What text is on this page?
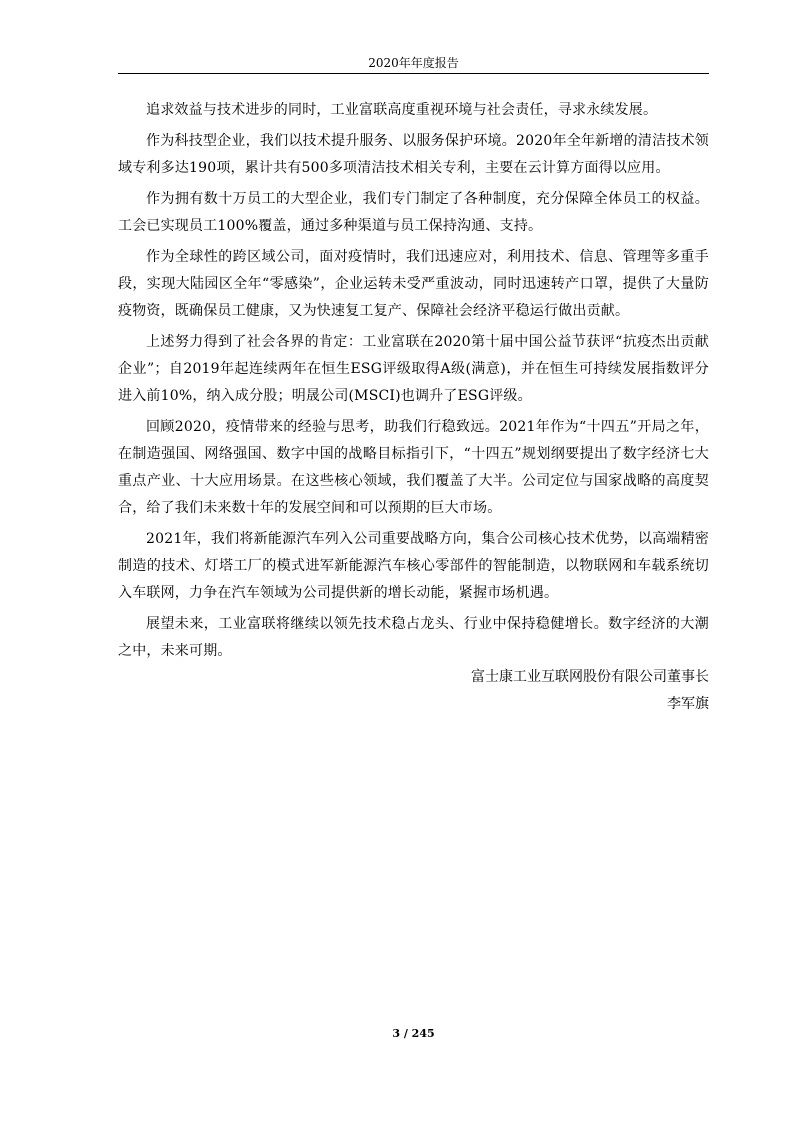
2020年年度报告

追求效益与技术进步的同时，工业富联高度重视环境与社会责任，寻求永续发展。

作为科技型企业，我们以技术提升服务、以服务保护环境。2020年全年新增的清洁技术领域专利多达190项，累计共有500多项清洁技术相关专利，主要在云计算方面得以应用。

作为拥有数十万员工的大型企业，我们专门制定了各种制度，充分保障全体员工的权益。工会已实现员工100%覆盖，通过多种渠道与员工保持沟通、支持。

作为全球性的跨区域公司，面对疫情时，我们迅速应对，利用技术、信息、管理等多重手段，实现大陆园区全年“零感染”，企业运转未受严重波动，同时迅速转产口罩，提供了大量防疫物资，既确保员工健康，又为快速复工复产、保障社会经济平稳运行做出贡献。

上述努力得到了社会各界的肯定：工业富联在2020第十届中国公益节获评“抗疫杰出贡献企业”；自2019年起连续两年在恒生ESG评级取得A级(满意)，并在恒生可持续发展指数评分进入前10%，纳入成分股；明晟公司(MSCI)也调升了ESG评级。

回顾2020，疫情带来的经验与思考，助我们行稳致远。2021年作为“十四五”开局之年，在制造强国、网络强国、数字中国的战略目标指引下，“十四五”规划纲要提出了数字经济七大重点产业、十大应用场景。在这些核心领域，我们覆盖了大半。公司定位与国家战略的高度契合，给了我们未来数十年的发展空间和可以预期的巨大市场。

2021年，我们将新能源汽车列入公司重要战略方向，集合公司核心技术优势，以高端精密制造的技术、灯塔工厂的模式进军新能源汽车核心零部件的智能制造，以物联网和车载系统切入车联网，力争在汽车领域为公司提供新的增长动能，紧握市场机遇。

展望未来，工业富联将继续以领先技术稳占龙头、行业中保持稳健增长。数字经济的大潮之中，未来可期。

富士康工业互联网股份有限公司董事长
李军旗
3 / 245
